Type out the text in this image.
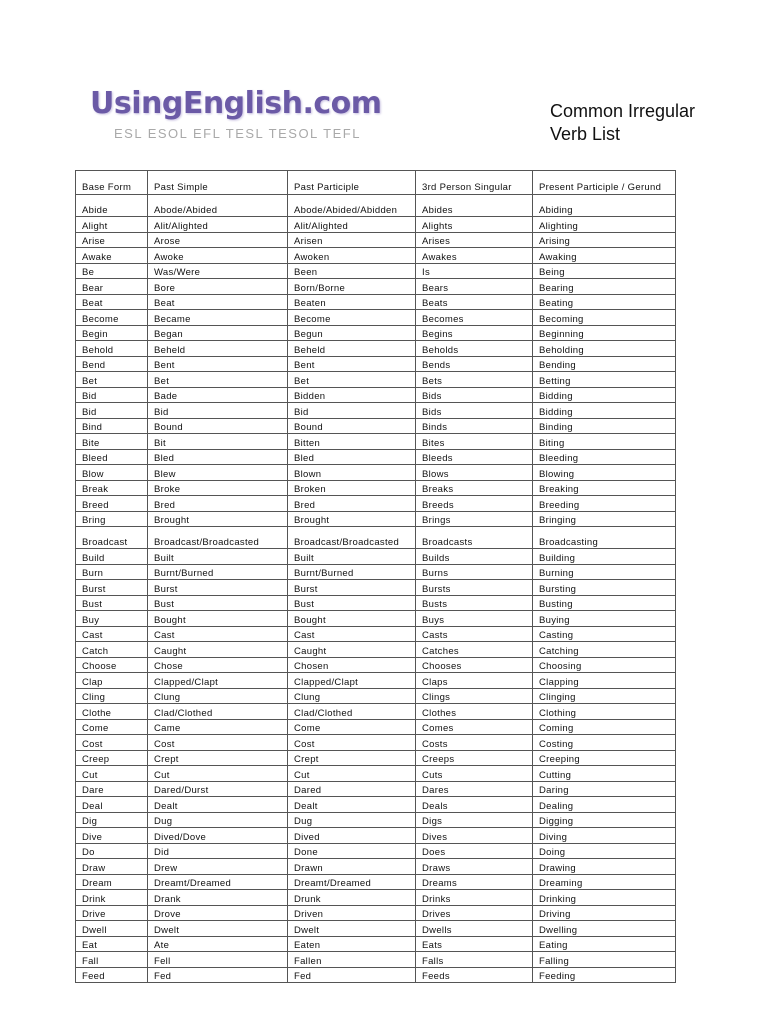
UsingEnglish.com
ESL ESOL EFL TESL TESOL TEFL
Common Irregular
Verb List
Base Form	Past Simple	Past Participle	3rd Person Singular	Present Participle / Gerund
Abide	Abode/Abided	Abode/Abided/Abidden	Abides	Abiding
Alight	Alit/Alighted	Alit/Alighted	Alights	Alighting
Arise	Arose	Arisen	Arises	Arising
Awake	Awoke	Awoken	Awakes	Awaking
Be	Was/Were	Been	Is	Being
Bear	Bore	Born/Borne	Bears	Bearing
Beat	Beat	Beaten	Beats	Beating
Become	Became	Become	Becomes	Becoming
Begin	Began	Begun	Begins	Beginning
Behold	Beheld	Beheld	Beholds	Beholding
Bend	Bent	Bent	Bends	Bending
Bet	Bet	Bet	Bets	Betting
Bid	Bade	Bidden	Bids	Bidding
Bid	Bid	Bid	Bids	Bidding
Bind	Bound	Bound	Binds	Binding
Bite	Bit	Bitten	Bites	Biting
Bleed	Bled	Bled	Bleeds	Bleeding
Blow	Blew	Blown	Blows	Blowing
Break	Broke	Broken	Breaks	Breaking
Breed	Bred	Bred	Breeds	Breeding
Bring	Brought	Brought	Brings	Bringing
Broadcast	Broadcast/Broadcasted	Broadcast/Broadcasted	Broadcasts	Broadcasting
Build	Built	Built	Builds	Building
Burn	Burnt/Burned	Burnt/Burned	Burns	Burning
Burst	Burst	Burst	Bursts	Bursting
Bust	Bust	Bust	Busts	Busting
Buy	Bought	Bought	Buys	Buying
Cast	Cast	Cast	Casts	Casting
Catch	Caught	Caught	Catches	Catching
Choose	Chose	Chosen	Chooses	Choosing
Clap	Clapped/Clapt	Clapped/Clapt	Claps	Clapping
Cling	Clung	Clung	Clings	Clinging
Clothe	Clad/Clothed	Clad/Clothed	Clothes	Clothing
Come	Came	Come	Comes	Coming
Cost	Cost	Cost	Costs	Costing
Creep	Crept	Crept	Creeps	Creeping
Cut	Cut	Cut	Cuts	Cutting
Dare	Dared/Durst	Dared	Dares	Daring
Deal	Dealt	Dealt	Deals	Dealing
Dig	Dug	Dug	Digs	Digging
Dive	Dived/Dove	Dived	Dives	Diving
Do	Did	Done	Does	Doing
Draw	Drew	Drawn	Draws	Drawing
Dream	Dreamt/Dreamed	Dreamt/Dreamed	Dreams	Dreaming
Drink	Drank	Drunk	Drinks	Drinking
Drive	Drove	Driven	Drives	Driving
Dwell	Dwelt	Dwelt	Dwells	Dwelling
Eat	Ate	Eaten	Eats	Eating
Fall	Fell	Fallen	Falls	Falling
Feed	Fed	Fed	Feeds	Feeding
